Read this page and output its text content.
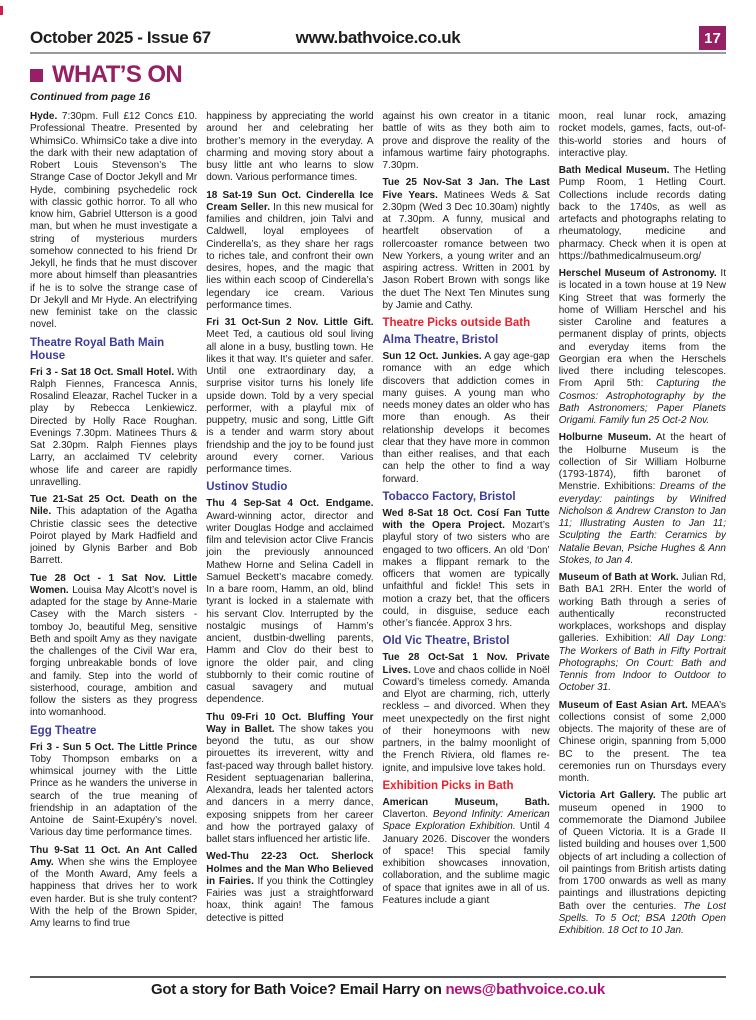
October 2025 - Issue 67	www.bathvoice.co.uk	17
WHAT’S ON
Continued from page 16

Hyde. 7:30pm. Full £12 Concs £10. Professional Theatre. Presented by WhimsiCo. WhimsiCo take a dive into the dark with their new adaptation of Robert Louis Stevenson’s The Strange Case of Doctor Jekyll and Mr Hyde, combining psychedelic rock with classic gothic horror. To all who know him, Gabriel Utterson is a good man, but when he must investigate a string of mysterious murders somehow connected to his friend Dr Jekyll, he finds that he must discover more about himself than pleasantries if he is to solve the strange case of Dr Jekyll and Mr Hyde. An electrifying new feminist take on the classic novel.

Theatre Royal Bath Main House

Fri 3 - Sat 18 Oct. Small Hotel. With Ralph Fiennes, Francesca Annis, Rosalind Eleazar, Rachel Tucker in a play by Rebecca Lenkiewicz. Directed by Holly Race Roughan. Evenings 7.30pm. Matinees Thurs & Sat 2.30pm. Ralph Fiennes plays Larry, an acclaimed TV celebrity whose life and career are rapidly unravelling.

Tue 21-Sat 25 Oct. Death on the Nile. This adaptation of the Agatha Christie classic sees the detective Poirot played by Mark Hadfield and joined by Glynis Barber and Bob Barrett.

Tue 28 Oct - 1 Sat Nov. Little Women. Louisa May Alcott’s novel is adapted for the stage by Anne-Marie Casey with the March sisters - tomboy Jo, beautiful Meg, sensitive Beth and spoilt Amy as they navigate the challenges of the Civil War era, forging unbreakable bonds of love and family. Step into the world of sisterhood, courage, ambition and follow the sisters as they progress into womanhood.

Egg Theatre

Fri 3 - Sun 5 Oct. The Little Prince Toby Thompson embarks on a whimsical journey with the Little Prince as he wanders the universe in search of the true meaning of friendship in an adaptation of the Antoine de Saint-Exupéry’s novel. Various day time performance times.

Thu 9-Sat 11 Oct. An Ant Called Amy. When she wins the Employee of the Month Award, Amy feels a happiness that drives her to work even harder. But is she truly content? With the help of the Brown Spider, Amy learns to find true

happiness by appreciating the world around her and celebrating her brother’s memory in the everyday. A charming and moving story about a busy little ant who learns to slow down. Various performance times.

18 Sat-19 Sun Oct. Cinderella Ice Cream Seller. In this new musical for families and children, join Talvi and Caldwell, loyal employees of Cinderella’s, as they share her rags to riches tale, and confront their own desires, hopes, and the magic that lies within each scoop of Cinderella’s legendary ice cream. Various performance times.

Fri 31 Oct-Sun 2 Nov. Little Gift. Meet Ted, a cautious old soul living all alone in a busy, bustling town. He likes it that way. It’s quieter and safer. Until one extraordinary day, a surprise visitor turns his lonely life upside down. Told by a very special performer, with a playful mix of puppetry, music and song, Little Gift is a tender and warm story about friendship and the joy to be found just around every corner. Various performance times.

Ustinov Studio

Thu 4 Sep-Sat 4 Oct. Endgame. Award-winning actor, director and writer Douglas Hodge and acclaimed film and television actor Clive Francis join the previously announced Mathew Horne and Selina Cadell in Samuel Beckett’s macabre comedy. In a bare room, Hamm, an old, blind tyrant is locked in a stalemate with his servant Clov. Interrupted by the nostalgic musings of Hamm’s ancient, dustbin-dwelling parents, Hamm and Clov do their best to ignore the older pair, and cling stubbornly to their comic routine of casual savagery and mutual dependence.

Thu 09-Fri 10 Oct. Bluffing Your Way in Ballet. The show takes you beyond the tutu, as our show pirouettes its irreverent, witty and fast-paced way through ballet history. Resident septuagenarian ballerina, Alexandra, leads her talented actors and dancers in a merry dance, exposing snippets from her career and how the portrayed galaxy of ballet stars influenced her artistic life.

Wed-Thu 22-23 Oct. Sherlock Holmes and the Man Who Believed in Fairies. If you think the Cottingley Fairies was just a straightforward hoax, think again! The famous detective is pitted

against his own creator in a titanic battle of wits as they both aim to prove and disprove the reality of the infamous wartime fairy photographs. 7.30pm.

Tue 25 Nov-Sat 3 Jan. The Last Five Years. Matinees Weds & Sat 2.30pm (Wed 3 Dec 10.30am) nightly at 7.30pm. A funny, musical and heartfelt observation of a rollercoaster romance between two New Yorkers, a young writer and an aspiring actress. Written in 2001 by Jason Robert Brown with songs like the duet The Next Ten Minutes sung by Jamie and Cathy.

Theatre Picks outside Bath
Alma Theatre, Bristol

Sun 12 Oct. Junkies. A gay age-gap romance with an edge which discovers that addiction comes in many guises. A young man who needs money dates an older who has more than enough. As their relationship develops it becomes clear that they have more in common than either realises, and that each can help the other to find a way forward.

Tobacco Factory, Bristol

Wed 8-Sat 18 Oct. Cosí Fan Tutte with the Opera Project. Mozart’s playful story of two sisters who are engaged to two officers. An old ‘Don’ makes a flippant remark to the officers that women are typically unfaithful and fickle! This sets in motion a crazy bet, that the officers could, in disguise, seduce each other’s fiancée. Approx 3 hrs.

Old Vic Theatre, Bristol

Tue 28 Oct-Sat 1 Nov. Private Lives. Love and chaos collide in Noël Coward’s timeless comedy. Amanda and Elyot are charming, rich, utterly reckless – and divorced. When they meet unexpectedly on the first night of their honeymoons with new partners, in the balmy moonlight of the French Riviera, old flames re-ignite, and impulsive love takes hold.

Exhibition Picks in Bath

American Museum, Bath. Claverton. Beyond Infinity: American Space Exploration Exhibition. Until 4 January 2026. Discover the wonders of space! This special family exhibition showcases innovation, collaboration, and the sublime magic of space that ignites awe in all of us. Features include a giant

moon, real lunar rock, amazing rocket models, games, facts, out-of-this-world stories and hours of interactive play.

Bath Medical Museum. The Hetling Pump Room, 1 Hetling Court. Collections include records dating back to the 1740s, as well as artefacts and photographs relating to rheumatology, medicine and pharmacy. Check when it is open at https://bathmedicalmuseum.org/

Herschel Museum of Astronomy. It is located in a town house at 19 New King Street that was formerly the home of William Herschel and his sister Caroline and features a permanent display of prints, objects and everyday items from the Georgian era when the Herschels lived there including telescopes. From April 5th: Capturing the Cosmos: Astrophotography by the Bath Astronomers; Paper Planets Origami. Family fun 25 Oct-2 Nov.

Holburne Museum. At the heart of the Holburne Museum is the collection of Sir William Holburne (1793-1874), fifth baronet of Menstrie. Exhibitions: Dreams of the everyday: paintings by Winifred Nicholson & Andrew Cranston to Jan 11; Illustrating Austen to Jan 11; Sculpting the Earth: Ceramics by Natalie Bevan, Psiche Hughes & Ann Stokes, to Jan 4.

Museum of Bath at Work. Julian Rd, Bath BA1 2RH. Enter the world of working Bath through a series of authentically reconstructed workplaces, workshops and display galleries. Exhibition: All Day Long: The Workers of Bath in Fifty Portrait Photographs; On Court: Bath and Tennis from Indoor to Outdoor to October 31.

Museum of East Asian Art. MEAA’s collections consist of some 2,000 objects. The majority of these are of Chinese origin, spanning from 5,000 BC to the present. The tea ceremonies run on Thursdays every month.

Victoria Art Gallery. The public art museum opened in 1900 to commemorate the Diamond Jubilee of Queen Victoria. It is a Grade II listed building and houses over 1,500 objects of art including a collection of oil paintings from British artists dating from 1700 onwards as well as many paintings and illustrations depicting Bath over the centuries. The Lost Spells. To 5 Oct; BSA 120th Open Exhibition. 18 Oct to 10 Jan.

Got a story for Bath Voice? Email Harry on news@bathvoice.co.uk
